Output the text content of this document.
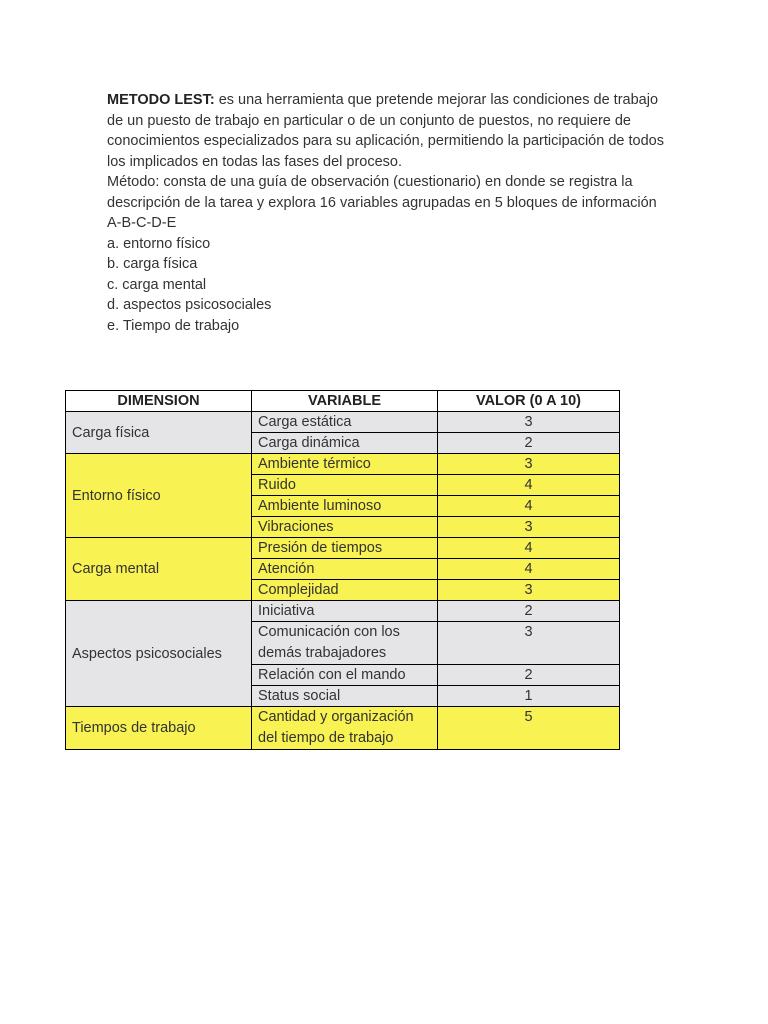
METODO LEST: es una herramienta que pretende mejorar las condiciones de trabajo de un puesto de trabajo en particular o de un conjunto de puestos, no requiere de conocimientos especializados para su aplicación, permitiendo la participación de todos los implicados en todas las fases del proceso.

Método: consta de una guía de observación (cuestionario) en donde se registra la descripción de la tarea y explora 16 variables agrupadas en 5 bloques de información A-B-C-D-E

a. entorno físico

b. carga física

c. carga mental

d. aspectos psicosociales

e. Tiempo de trabajo

DIMENSION	VARIABLE	VALOR (0 A 10)
Carga física	Carga estática	3
	Carga dinámica	2
Entorno físico	Ambiente térmico	3
	Ruido	4
	Ambiente luminoso	4
	Vibraciones	3
Carga mental	Presión de tiempos	4
	Atención	4
	Complejidad	3
Aspectos psicosociales	Iniciativa	2
	Comunicación con los demás trabajadores	3
	Relación con el mando	2
	Status social	1
Tiempos de trabajo	Cantidad y organización del tiempo de trabajo	5
